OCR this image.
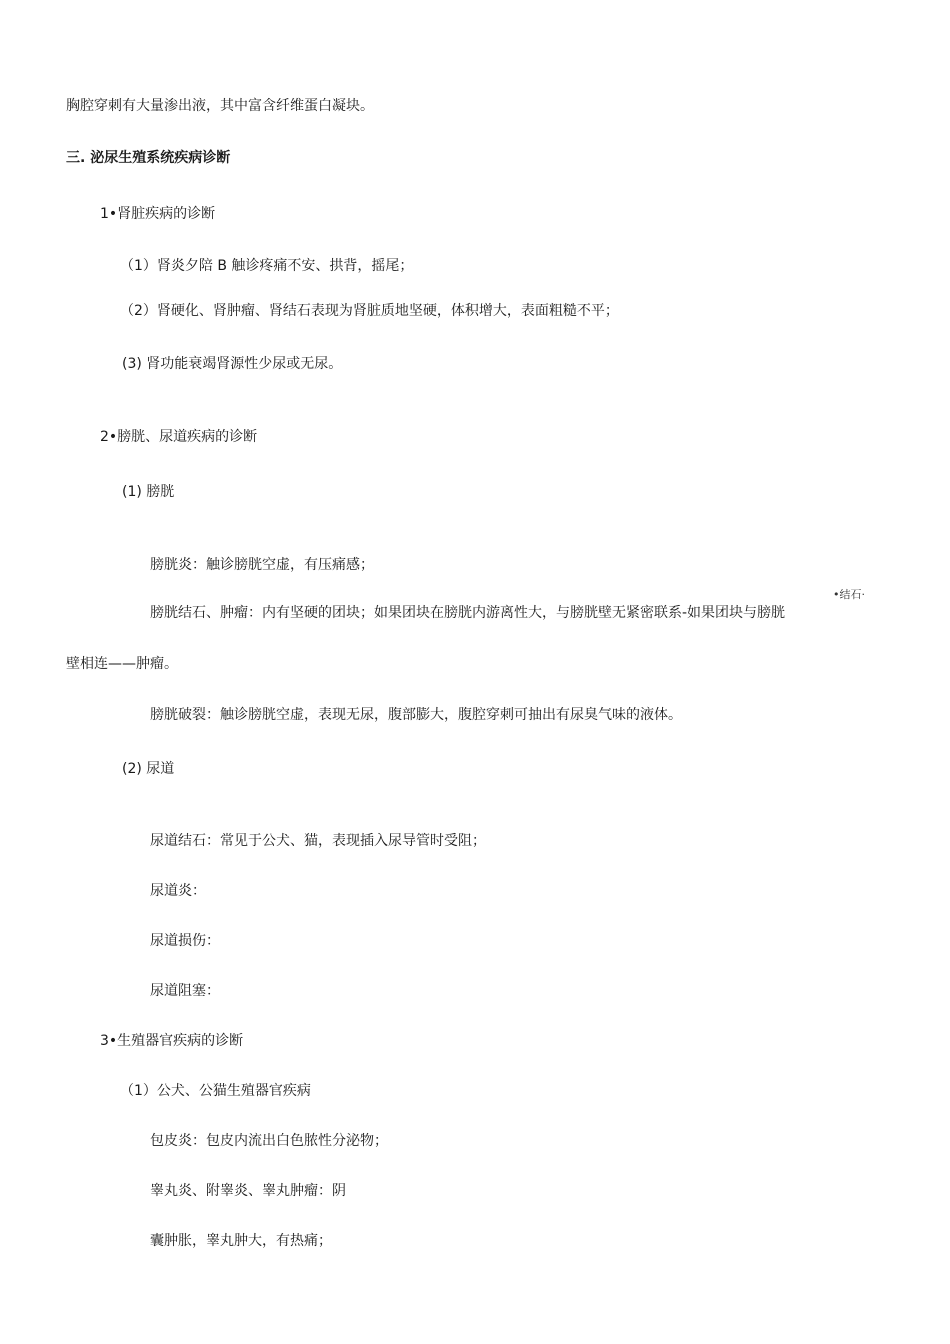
胸腔穿刺有大量渗出液，其中富含纤维蛋白凝块。
三. 泌尿生殖系统疾病诊断
1•肾脏疾病的诊断
（1）肾炎夕陪 B 触诊疼痛不安、拱背，摇尾；
（2）肾硬化、肾肿瘤、肾结石表现为肾脏质地坚硬，体积增大，表面粗糙不平；
(3) 肾功能衰竭肾源性少尿或无尿。
2•膀胱、尿道疾病的诊断
(1) 膀胱
膀胱炎：触诊膀胱空虚，有压痛感；
•结石·
膀胱结石、肿瘤：内有坚硬的团块；如果团块在膀胱内游离性大，与膀胱壁无紧密联系-如果团块与膀胱
壁相连——肿瘤。
膀胱破裂：触诊膀胱空虚，表现无尿，腹部膨大，腹腔穿刺可抽出有尿臭气味的液体。
(2) 尿道
尿道结石：常见于公犬、猫，表现插入尿导管时受阻；
尿道炎：
尿道损伤：
尿道阻塞：
3•生殖器官疾病的诊断
（1）公犬、公猫生殖器官疾病
包皮炎：包皮内流出白色脓性分泌物；
睾丸炎、附睾炎、睾丸肿瘤：阴
囊肿胀，睾丸肿大，有热痛；
